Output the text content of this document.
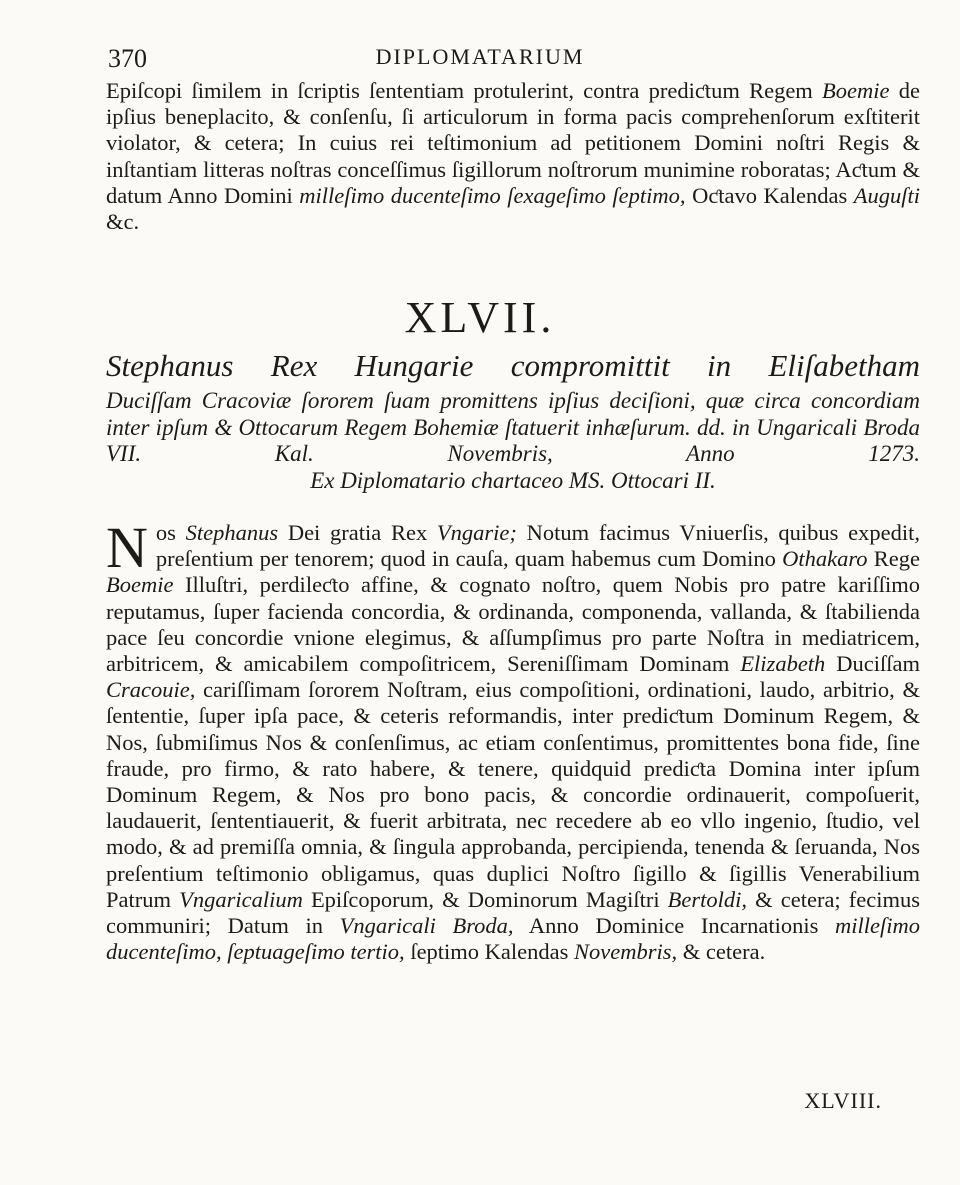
370	DIPLOMATARIUM
Epiſcopi ſimilem in ſcriptis ſententiam protulerint, contra prediƈtum Regem Boemie de ipſius beneplacito, & conſenſu, ſi articulorum in forma pacis comprehenſorum exſtiterit violator, & cetera; In cuius rei teſtimonium ad petitionem Domini noſtri Regis & inſtantiam litteras noſtras conceſſimus ſigillorum noſtrorum munimine roboratas; Aƈtum & datum Anno Domini milleſimo ducenteſimo ſexageſimo ſeptimo, Oƈtavo Kalendas Auguſti &c.
XLVII.
Stephanus Rex Hungarie compromittit in Eliſabetham

Duciſſam Cracoviæ ſororem ſuam promittens ipſius deciſioni, quæ circa concordiam inter ipſum & Ottocarum Regem Bohemiæ ſtatuerit inhæſurum. dd. in Ungaricali Broda VII. Kal. Novembris, Anno 1273.

Ex Diplomatario chartaceo MS. Ottocari II.

Nos Stephanus Dei gratia Rex Vngarie; Notum facimus Vniuerſis, quibus expedit, preſentium per tenorem; quod in cauſa, quam habemus cum Domino Othakaro Rege Boemie Illuſtri, perdileƈto affine, & cognato noſtro, quem Nobis pro patre kariſſimo reputamus, ſuper facienda concordia, & ordinanda, componenda, vallanda, & ſtabilienda pace ſeu concordie vnione elegimus, & aſſumpſimus pro parte Noſtra in mediatricem, arbitricem, & amicabilem compoſitricem, Sereniſſimam Dominam Elizabeth Duciſſam Cracouie, cariſſimam ſororem Noſtram, eius compoſitioni, ordinationi, laudo, arbitrio, & ſententie, ſuper ipſa pace, & ceteris reformandis, inter prediƈtum Dominum Regem, & Nos, ſubmiſimus Nos & conſenſimus, ac etiam conſentimus, promittentes bona fide, ſine fraude, pro firmo, & rato habere, & tenere, quidquid prediƈta Domina inter ipſum Dominum Regem, & Nos pro bono pacis, & concordie ordinauerit, compoſuerit, laudauerit, ſententiauerit, & fuerit arbitrata, nec recedere ab eo vllo ingenio, ſtudio, vel modo, & ad premiſſa omnia, & ſingula approbanda, percipienda, tenenda & ſeruanda, Nos preſentium teſtimonio obligamus, quas duplici Noſtro ſigillo & ſigillis Venerabilium Patrum Vngaricalium Epiſcoporum, & Dominorum Magiſtri Bertoldi, & cetera; fecimus communiri; Datum in Vngaricali Broda, Anno Dominice Incarnationis milleſimo ducenteſimo, ſeptuageſimo tertio, ſeptimo Kalendas Novembris, & cetera.
XLVIII.
